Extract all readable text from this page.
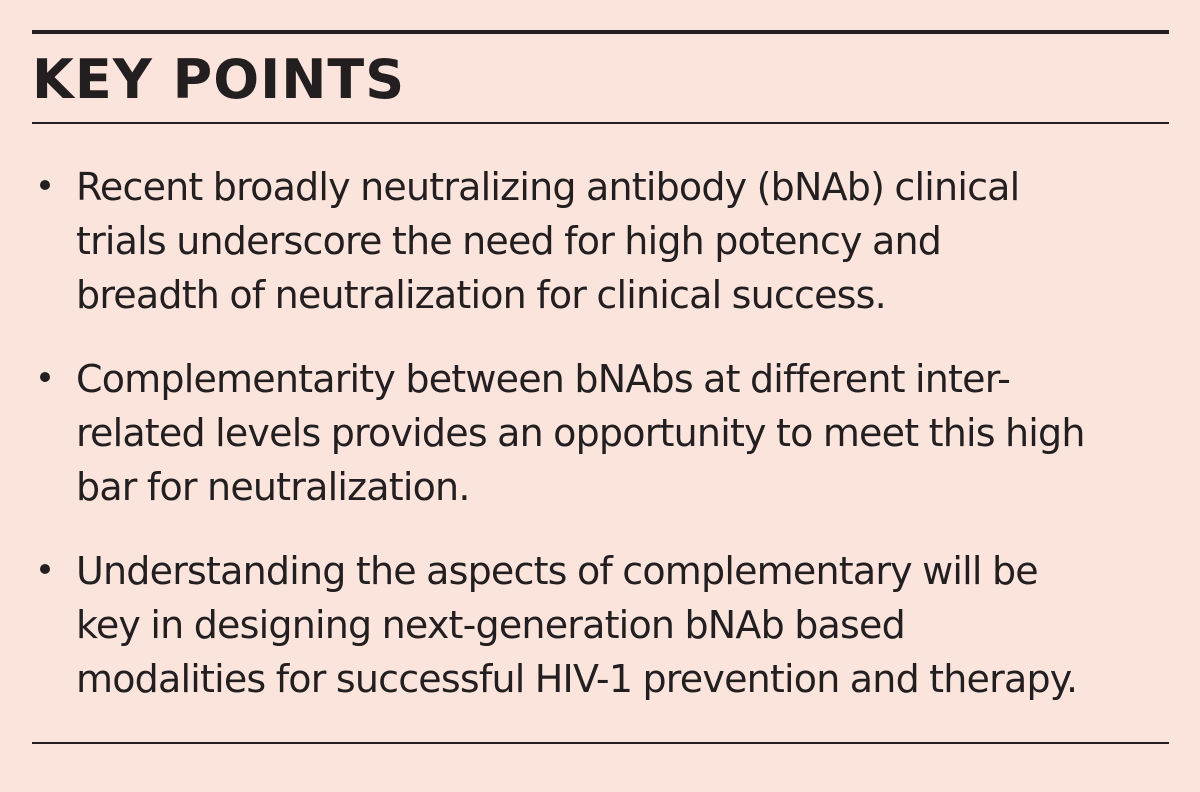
KEY POINTS
Recent broadly neutralizing antibody (bNAb) clinical
trials underscore the need for high potency and
breadth of neutralization for clinical success.
Complementarity between bNAbs at different inter-
related levels provides an opportunity to meet this high
bar for neutralization.
Understanding the aspects of complementary will be
key in designing next-generation bNAb based
modalities for successful HIV-1 prevention and therapy.
